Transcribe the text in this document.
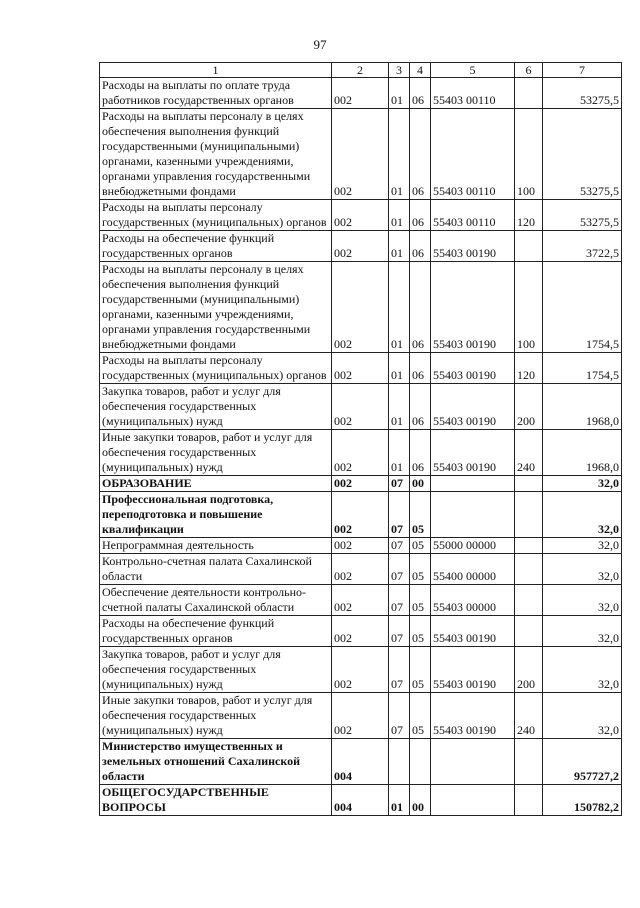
97
1	2	3	4	5	6	7
Расходы на выплаты по оплате труда работников государственных органов	002	01	06	55403 00110		53275,5
Расходы на выплаты персоналу в целях обеспечения выполнения функций государственными (муниципальными) органами, казенными учреждениями, органами управления государственными внебюджетными фондами	002	01	06	55403 00110	100	53275,5
Расходы на выплаты персоналу государственных (муниципальных) органов	002	01	06	55403 00110	120	53275,5
Расходы на обеспечение функций государственных органов	002	01	06	55403 00190		3722,5
Расходы на выплаты персоналу в целях обеспечения выполнения функций государственными (муниципальными) органами, казенными учреждениями, органами управления государственными внебюджетными фондами	002	01	06	55403 00190	100	1754,5
Расходы на выплаты персоналу государственных (муниципальных) органов	002	01	06	55403 00190	120	1754,5
Закупка товаров, работ и услуг для обеспечения государственных (муниципальных) нужд	002	01	06	55403 00190	200	1968,0
Иные закупки товаров, работ и услуг для обеспечения государственных (муниципальных) нужд	002	01	06	55403 00190	240	1968,0
ОБРАЗОВАНИЕ	002	07	00			32,0
Профессиональная подготовка, переподготовка и повышение квалификации	002	07	05			32,0
Непрограммная деятельность	002	07	05	55000 00000		32,0
Контрольно-счетная палата Сахалинской области	002	07	05	55400 00000		32,0
Обеспечение деятельности контрольно-счетной палаты Сахалинской области	002	07	05	55403 00000		32,0
Расходы на обеспечение функций государственных органов	002	07	05	55403 00190		32,0
Закупка товаров, работ и услуг для обеспечения государственных (муниципальных) нужд	002	07	05	55403 00190	200	32,0
Иные закупки товаров, работ и услуг для обеспечения государственных (муниципальных) нужд	002	07	05	55403 00190	240	32,0
Министерство имущественных и земельных отношений Сахалинской области	004					957727,2
ОБЩЕГОСУДАРСТВЕННЫЕ ВОПРОСЫ	004	01	00			150782,2
